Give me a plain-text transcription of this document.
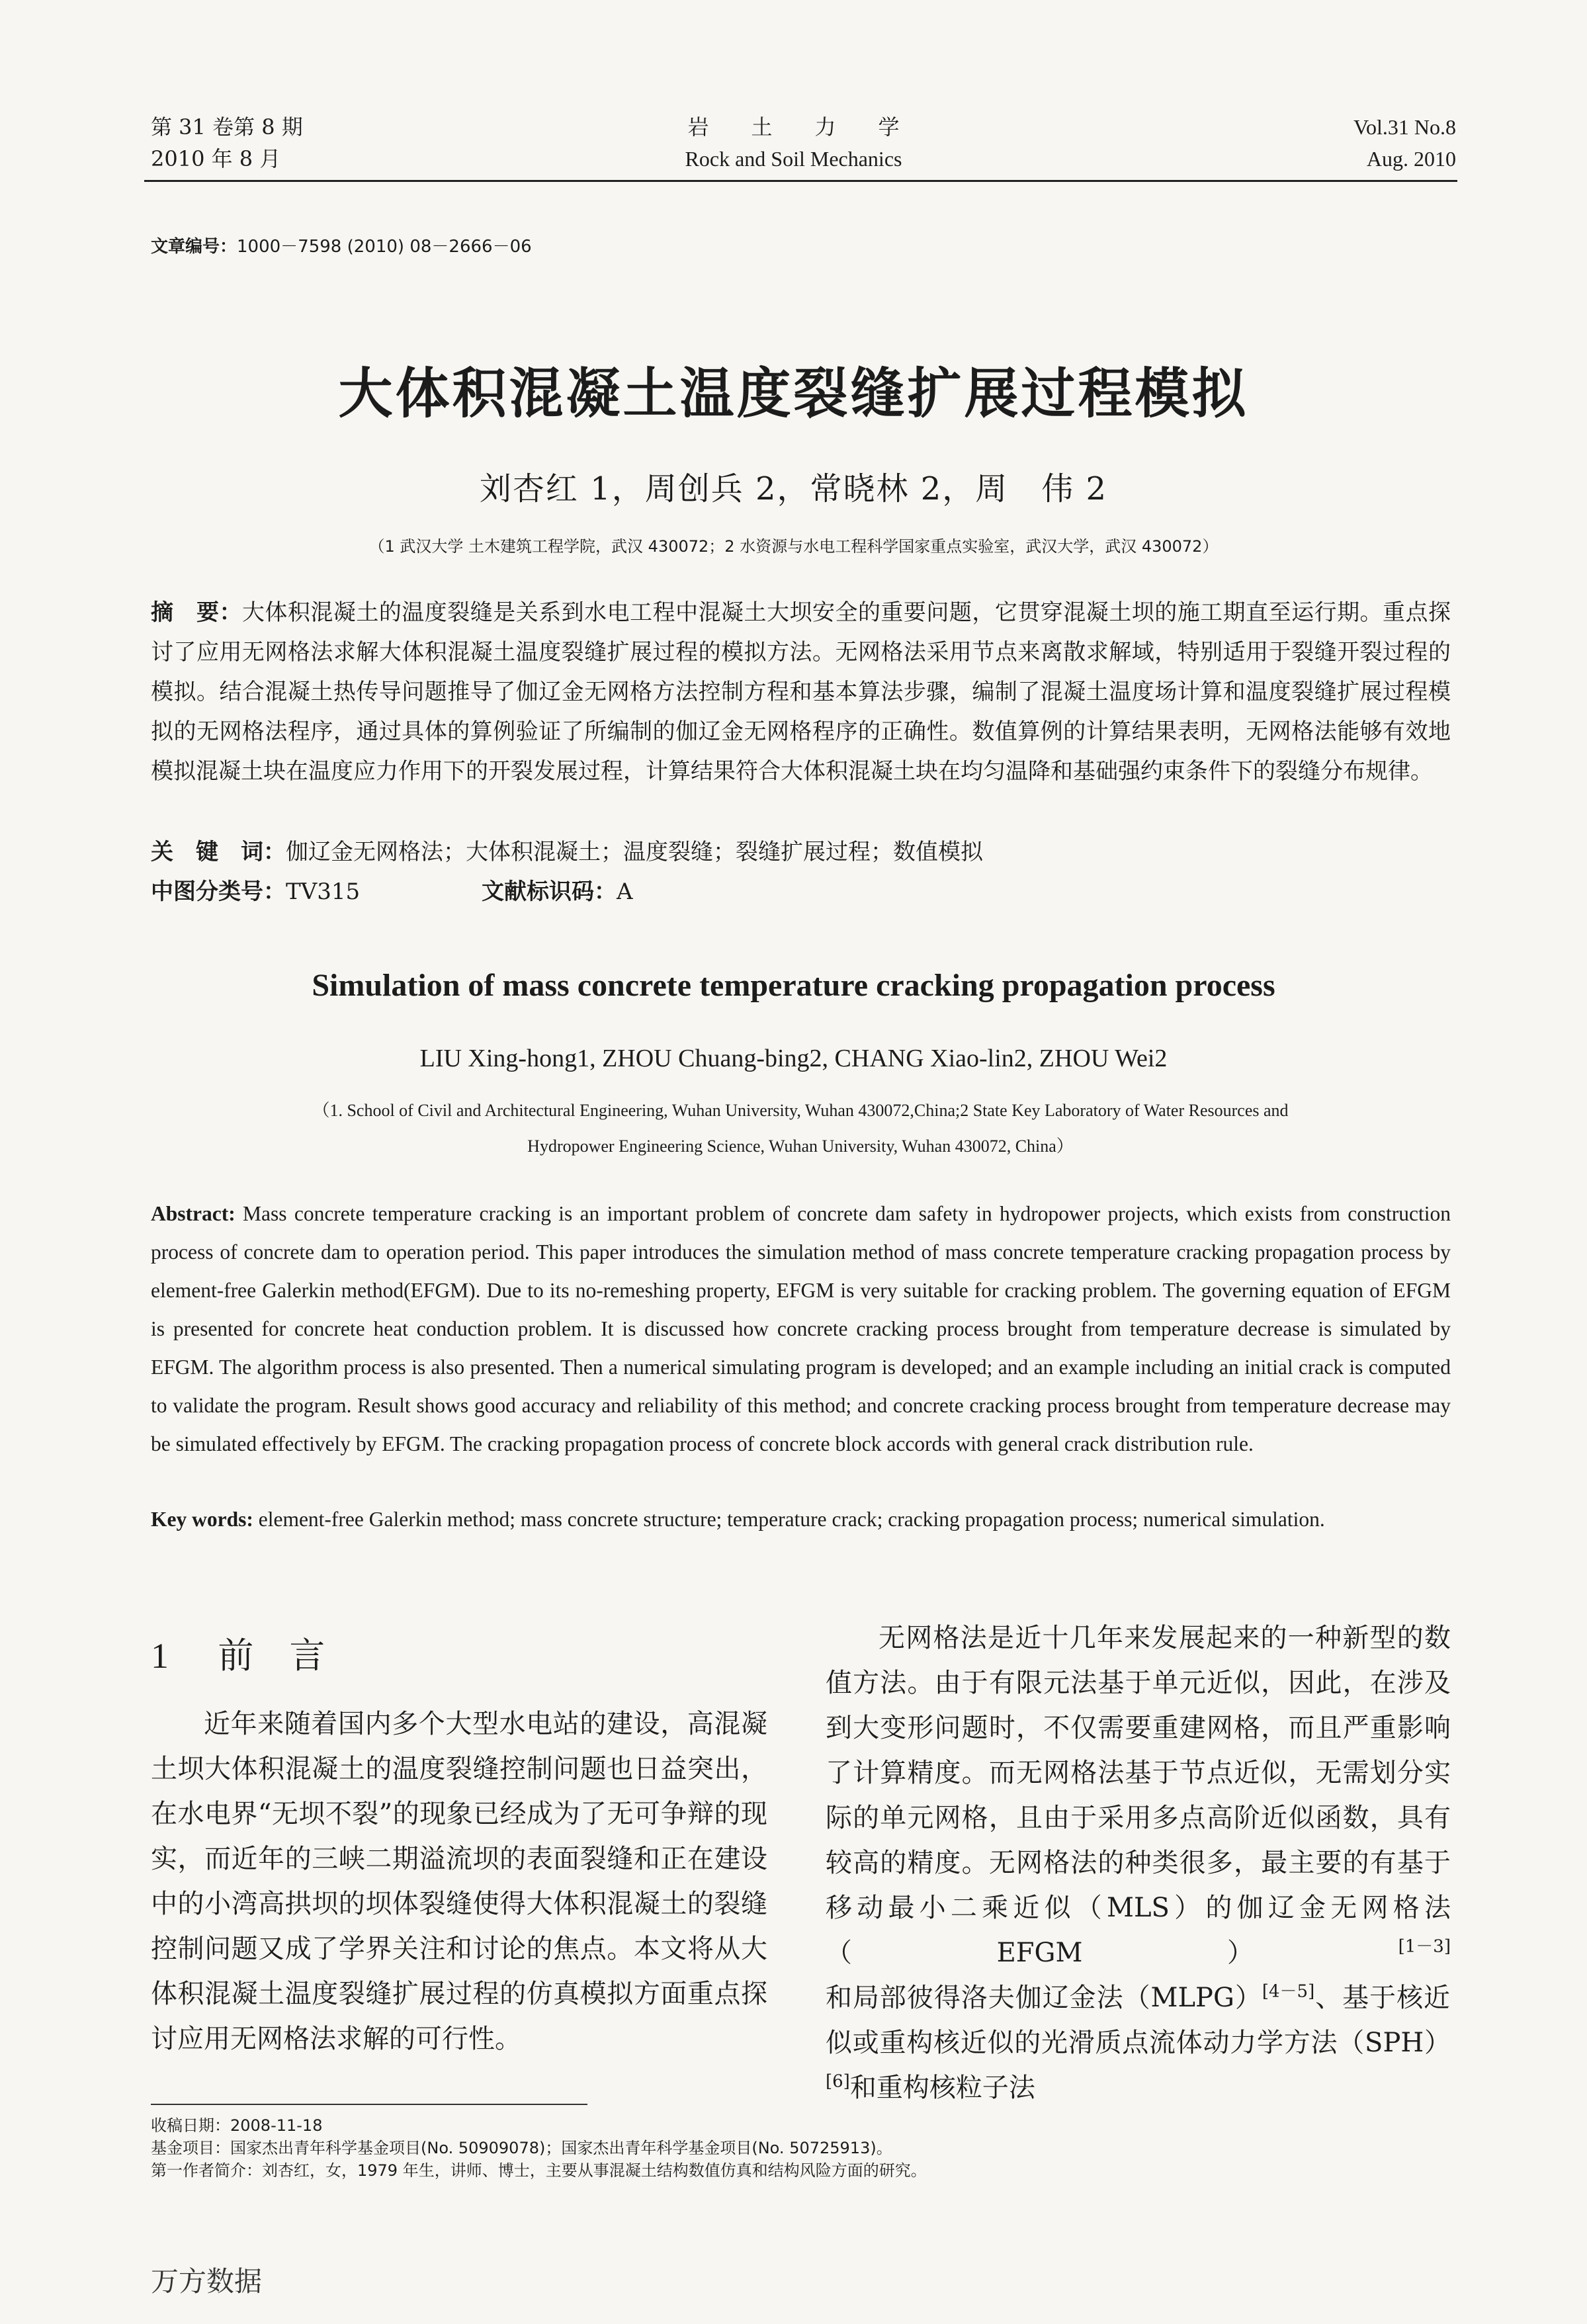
第 31 卷第 8 期
2010 年 8 月
岩　　土　　力　　学
Rock and Soil Mechanics
Vol.31 No.8
Aug. 2010
文章编号：1000－7598 (2010) 08－2666－06
大体积混凝土温度裂缝扩展过程模拟
刘杏红 1，周创兵 2，常晓林 2，周　伟 2
（1 武汉大学 土木建筑工程学院，武汉 430072；2 水资源与水电工程科学国家重点实验室，武汉大学，武汉 430072）
摘　要：大体积混凝土的温度裂缝是关系到水电工程中混凝土大坝安全的重要问题，它贯穿混凝土坝的施工期直至运行期。重点探讨了应用无网格法求解大体积混凝土温度裂缝扩展过程的模拟方法。无网格法采用节点来离散求解域，特别适用于裂缝开裂过程的模拟。结合混凝土热传导问题推导了伽辽金无网格方法控制方程和基本算法步骤，编制了混凝土温度场计算和温度裂缝扩展过程模拟的无网格法程序，通过具体的算例验证了所编制的伽辽金无网格程序的正确性。数值算例的计算结果表明，无网格法能够有效地模拟混凝土块在温度应力作用下的开裂发展过程，计算结果符合大体积混凝土块在均匀温降和基础强约束条件下的裂缝分布规律。
关　键　词：伽辽金无网格法；大体积混凝土；温度裂缝；裂缝扩展过程；数值模拟
中图分类号：TV315	文献标识码：A
Simulation of mass concrete temperature cracking propagation process
LIU Xing-hong1, ZHOU Chuang-bing2, CHANG Xiao-lin2, ZHOU Wei2
（1. School of Civil and Architectural Engineering, Wuhan University, Wuhan 430072,China;2 State Key Laboratory of Water Resources and
Hydropower Engineering Science, Wuhan University, Wuhan 430072, China）
Abstract: Mass concrete temperature cracking is an important problem of concrete dam safety in hydropower projects, which exists from construction process of concrete dam to operation period. This paper introduces the simulation method of mass concrete temperature cracking propagation process by element-free Galerkin method(EFGM). Due to its no-remeshing property, EFGM is very suitable for cracking problem. The governing equation of EFGM is presented for concrete heat conduction problem. It is discussed how concrete cracking process brought from temperature decrease is simulated by EFGM. The algorithm process is also presented. Then a numerical simulating program is developed; and an example including an initial crack is computed to validate the program. Result shows good accuracy and reliability of this method; and concrete cracking process brought from temperature decrease may be simulated effectively by EFGM. The cracking propagation process of concrete block accords with general crack distribution rule.
Key words: element-free Galerkin method; mass concrete structure; temperature crack; cracking propagation process; numerical simulation.
1 前　言
近年来随着国内多个大型水电站的建设，高混凝土坝大体积混凝土的温度裂缝控制问题也日益突出，在水电界“无坝不裂”的现象已经成为了无可争辩的现实，而近年的三峡二期溢流坝的表面裂缝和正在建设中的小湾高拱坝的坝体裂缝使得大体积混凝土的裂缝控制问题又成了学界关注和讨论的焦点。本文将从大体积混凝土温度裂缝扩展过程的仿真模拟方面重点探讨应用无网格法求解的可行性。
无网格法是近十几年来发展起来的一种新型的数值方法。由于有限元法基于单元近似，因此，在涉及到大变形问题时，不仅需要重建网格，而且严重影响了计算精度。而无网格法基于节点近似，无需划分实际的单元网格，且由于采用多点高阶近似函数，具有较高的精度。无网格法的种类很多，最主要的有基于移动最小二乘近似（MLS）的伽辽金无网格法（EFGM）[1－3] 和局部彼得洛夫伽辽金法（MLPG）[4－5]、基于核近似或重构核近似的光滑质点流体动力学方法（SPH）[6]和重构核粒子法
收稿日期：2008-11-18
基金项目：国家杰出青年科学基金项目(No. 50909078)；国家杰出青年科学基金项目(No. 50725913)。
第一作者简介：刘杏红，女，1979 年生，讲师、博士，主要从事混凝土结构数值仿真和结构风险方面的研究。
万方数据
